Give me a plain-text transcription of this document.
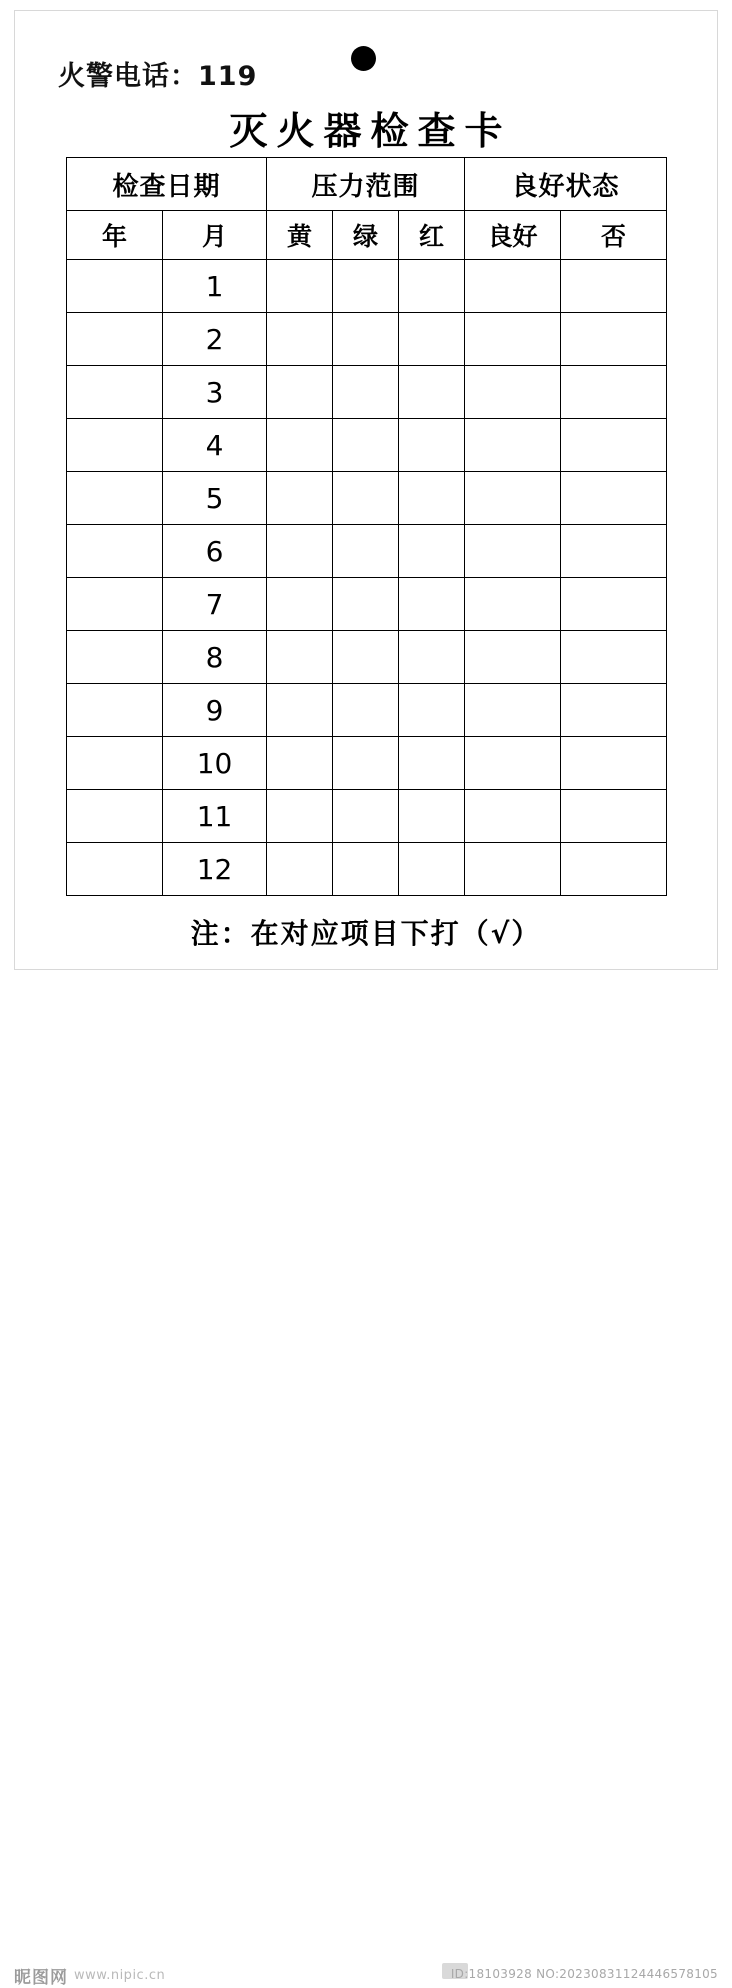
火警电话：119
灭火器检查卡
检查日期		压力范围			良好状态	
年	月	黄	绿	红	良好	否
	1					
	2					
	3					
	4					
	5					
	6					
	7					
	8					
	9					
	10					
	11					
	12					
注：在对应项目下打（√）
昵图网 www.nipic.cn	ID:18103928 NO:20230831124446578105
